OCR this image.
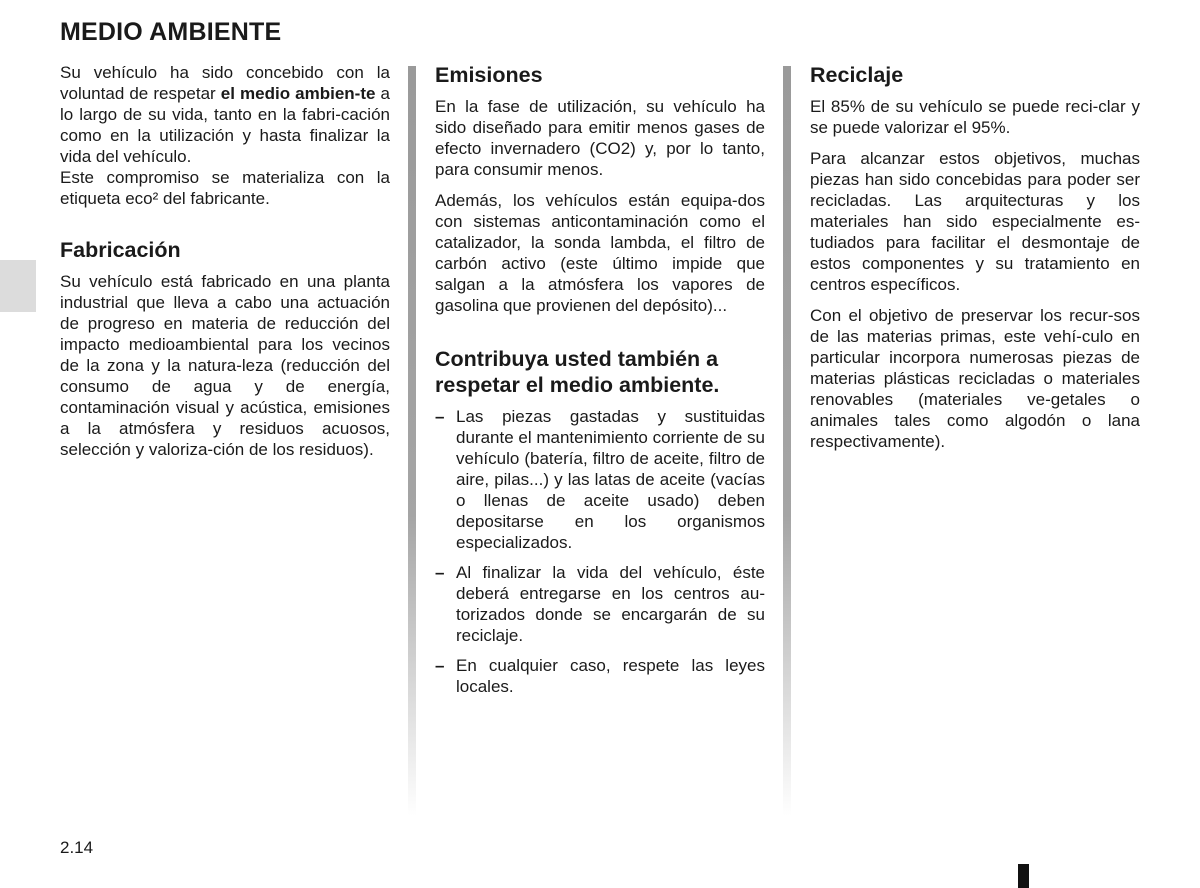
MEDIO AMBIENTE

Su vehículo ha sido concebido con la voluntad de respetar el medio ambien-te a lo largo de su vida, tanto en la fabri-cación como en la utilización y hasta finalizar la vida del vehículo.

Este compromiso se materializa con la etiqueta eco² del fabricante.

Fabricación

Su vehículo está fabricado en una planta industrial que lleva a cabo una actuación de progreso en materia de reducción del impacto medioambiental para los vecinos de la zona y la natura-leza (reducción del consumo de agua y de energía, contaminación visual y acústica, emisiones a la atmósfera y residuos acuosos, selección y valoriza-ción de los residuos).

Emisiones

En la fase de utilización, su vehículo ha sido diseñado para emitir menos gases de efecto invernadero (CO2) y, por lo tanto, para consumir menos.

Además, los vehículos están equipa-dos con sistemas anticontaminación como el catalizador, la sonda lambda, el filtro de carbón activo (este último impide que salgan a la atmósfera los vapores de gasolina que provienen del depósito)...

Contribuya usted también a respetar el medio ambiente.
– Las piezas gastadas y sustituidas durante el mantenimiento corriente de su vehículo (batería, filtro de aceite, filtro de aire, pilas...) y las latas de aceite (vacías o llenas de aceite usado) deben depositarse en los organismos especializados.
– Al finalizar la vida del vehículo, éste deberá entregarse en los centros au-torizados donde se encargarán de su reciclaje.
– En cualquier caso, respete las leyes locales.
Reciclaje

El 85% de su vehículo se puede reci-clar y se puede valorizar el 95%.

Para alcanzar estos objetivos, muchas piezas han sido concebidas para poder ser recicladas. Las arquitecturas y los materiales han sido especialmente es-tudiados para facilitar el desmontaje de estos componentes y su tratamiento en centros específicos.

Con el objetivo de preservar los recur-sos de las materias primas, este vehí-culo en particular incorpora numerosas piezas de materias plásticas recicladas o materiales renovables (materiales ve-getales o animales tales como algodón o lana respectivamente).

2.14
